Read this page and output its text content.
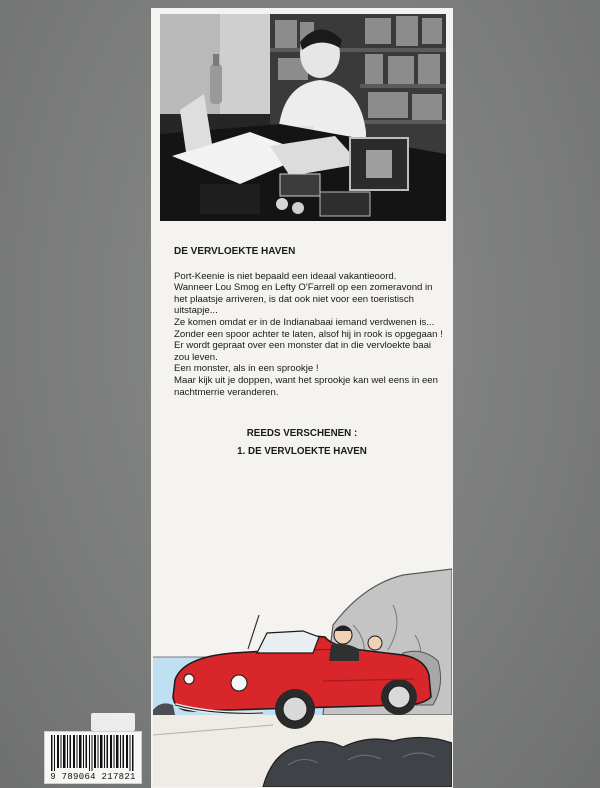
DE VERVLOEKTE HAVEN

Port-Keenie is niet bepaald een ideaal vakantieoord.

Wanneer Lou Smog en Lefty O'Farrell op een zomeravond in het plaatsje arriveren, is dat ook niet voor een toeristisch uitstapje...

Ze komen omdat er in de Indianabaai iemand verdwenen is... Zonder een spoor achter te laten, alsof hij in rook is opgegaan !

Er wordt gepraat over een monster dat in die vervloekte baai zou leven.

Een monster, als in een sprookje !

Maar kijk uit je doppen, want het sprookje kan wel eens in een nachtmerrie veranderen.

REEDS VERSCHENEN :
1. DE VERVLOEKTE HAVEN
9 789064 217821
